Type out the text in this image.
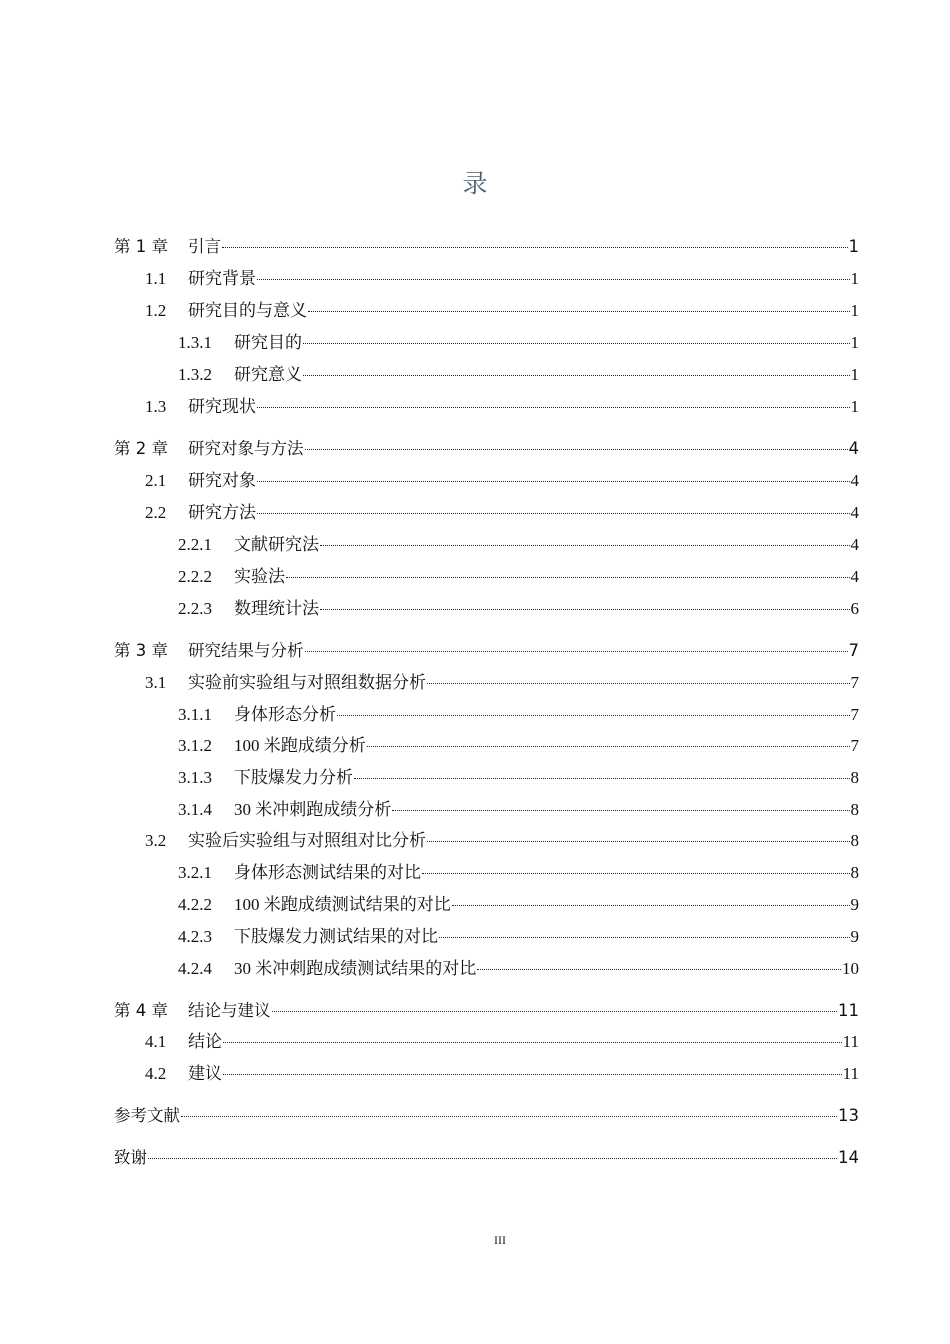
录
第 1 章	引言	1
1.1	研究背景	1
1.2	研究目的与意义	1
1.3.1	研究目的	1
1.3.2	研究意义	1
1.3	研究现状	1
第 2 章	研究对象与方法	4
2.1	研究对象	4
2.2	研究方法	4
2.2.1	文献研究法	4
2.2.2	实验法	4
2.2.3	数理统计法	6
第 3 章	研究结果与分析	7
3.1	实验前实验组与对照组数据分析	7
3.1.1	身体形态分析	7
3.1.2	100 米跑成绩分析	7
3.1.3	下肢爆发力分析	8
3.1.4	30 米冲刺跑成绩分析	8
3.2	实验后实验组与对照组对比分析	8
3.2.1	身体形态测试结果的对比	8
4.2.2	100 米跑成绩测试结果的对比	9
4.2.3	下肢爆发力测试结果的对比	9
4.2.4	30 米冲刺跑成绩测试结果的对比	10
第 4 章	结论与建议	11
4.1	结论	11
4.2	建议	11
参考文献	13
致谢	14
III
